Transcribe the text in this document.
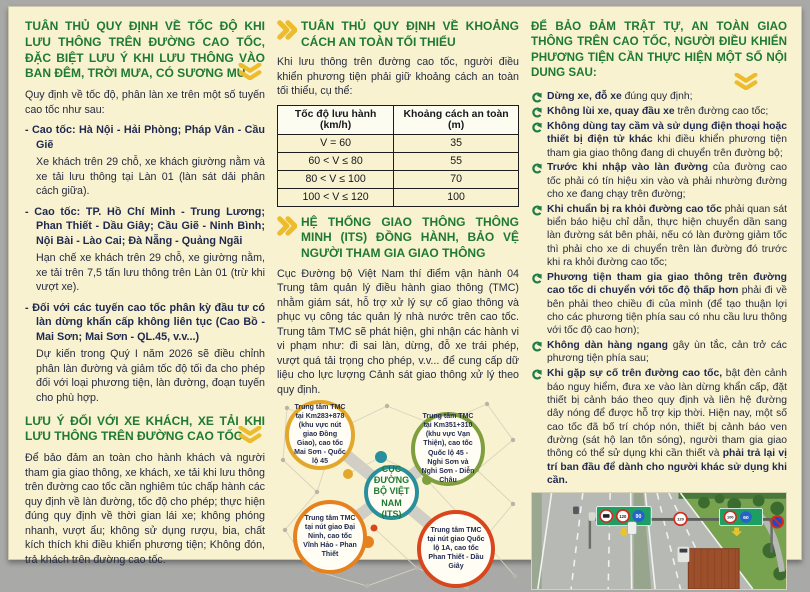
TUÂN THỦ QUY ĐỊNH VỀ TỐC ĐỘ KHI LƯU THÔNG TRÊN ĐƯỜNG CAO TỐC, ĐẶC BIỆT LƯU Ý KHI LƯU THÔNG VÀO BAN ĐÊM, TRỜI MƯA, CÓ SƯƠNG MÙ

Quy định về tốc độ, phân làn xe trên một số tuyến cao tốc như sau:

- Cao tốc: Hà Nội - Hải Phòng; Pháp Vân - Cầu Giẽ

Xe khách trên 29 chỗ, xe khách giường nằm và xe tải lưu thông tại Làn 01 (làn sát dải phân cách giữa).

- Cao tốc: TP. Hồ Chí Minh - Trung Lương; Phan Thiết - Dầu Giây; Cầu Giẽ - Ninh Bình; Nội Bài - Lào Cai; Đà Nẵng - Quảng Ngãi

Hạn chế xe khách trên 29 chỗ, xe giường nằm, xe tải trên 7,5 tấn lưu thông trên Làn 01 (trừ khi vượt xe).

- Đối với các tuyến cao tốc phân kỳ đầu tư có làn dừng khẩn cấp không liên tục (Cao Bồ - Mai Sơn; Mai Sơn - QL.45, v.v...)

Dự kiến trong Quý I năm 2026 sẽ điều chỉnh phân làn đường và giảm tốc độ tối đa cho phép đối với loại phương tiện, làn đường, đoạn tuyến cho phù hợp.

LƯU Ý ĐỐI VỚI XE KHÁCH, XE TẢI KHI LƯU THÔNG TRÊN ĐƯỜNG CAO TỐC

Để bảo đảm an toàn cho hành khách và người tham gia giao thông, xe khách, xe tải khi lưu thông trên đường cao tốc cần nghiêm túc chấp hành các quy định về làn đường, tốc độ cho phép; thực hiện đúng quy định về thời gian lái xe; không phóng nhanh, vượt ẩu; không sử dụng rượu, bia, chất kích thích khi điều khiển phương tiện; Không đón, trả khách trên đường cao tốc.

TUÂN THỦ QUY ĐỊNH VỀ KHOẢNG CÁCH AN TOÀN TỐI THIỂU

Khi lưu thông trên đường cao tốc, người điều khiển phương tiện phải giữ khoảng cách an toàn tối thiểu, cụ thể:

Tốc độ lưu hành (km/h)	Khoảng cách an toàn (m)
V = 60	35
60 < V ≤ 80	55
80 < V ≤ 100	70
100 < V ≤ 120	100
HỆ THỐNG GIAO THÔNG THÔNG MINH (ITS) ĐỒNG HÀNH, BẢO VỆ NGƯỜI THAM GIA GIAO THÔNG

Cục Đường bộ Việt Nam thí điểm vận hành 04 Trung tâm quản lý điều hành giao thông (TMC) nhằm giám sát, hỗ trợ xử lý sự cố giao thông và phục vụ công tác quản lý nhà nước trên cao tốc. Trung tâm TMC sẽ phát hiện, ghi nhận các hành vi vi phạm như: đi sai làn, dừng, đỗ xe trái phép, vượt quá tải trọng cho phép, v.v... để cung cấp dữ liệu cho lực lượng Cảnh sát giao thông xử lý theo quy định.

Trung tâm TMC tại Km283+878 (khu vực nút giao Đồng Giao), cao tốc Mai Sơn - Quốc lộ 45
Trung tâm TMC tại Km351+310 (khu vực Vạn Thiện), cao tốc Quốc lộ 45 - Nghi Sơn và Nghi Sơn - Diễn Châu
CỤC ĐƯỜNG BỘ VIỆT NAM (ITS)
Trung tâm TMC tại nút giao Đại Ninh, cao tốc Vĩnh Hảo - Phan Thiết
Trung tâm TMC tại nút giao Quốc lộ 1A, cao tốc Phan Thiết - Dầu Giây
ĐỂ BẢO ĐẢM TRẬT TỰ, AN TOÀN GIAO THÔNG TRÊN CAO TỐC, NGƯỜI ĐIỀU KHIỂN PHƯƠNG TIỆN CẦN THỰC HIỆN MỘT SỐ NỘI DUNG SAU:
Dừng xe, đỗ xe đúng quy định;
Không lùi xe, quay đầu xe trên đường cao tốc;
Không dùng tay cầm và sử dụng điện thoại hoặc thiết bị điện tử khác khi điều khiển phương tiện tham gia giao thông đang di chuyển trên đường bộ;
Trước khi nhập vào làn đường của đường cao tốc phải có tín hiệu xin vào và phải nhường đường cho xe đang chạy trên đường;
Khi chuẩn bị ra khỏi đường cao tốc phải quan sát biển báo hiệu chỉ dẫn, thực hiện chuyển dần sang làn đường sát bên phải, nếu có làn đường giảm tốc thì phải cho xe di chuyển trên làn đường đó trước khi ra khỏi đường cao tốc;
Phương tiện tham gia giao thông trên đường cao tốc di chuyển với tốc độ thấp hơn phải đi về bên phải theo chiều đi của mình (để tạo thuận lợi cho các phương tiện phía sau có nhu cầu lưu thông với tốc độ cao hơn);
Không dàn hàng ngang gây ùn tắc, cản trở các phương tiện phía sau;
Khi gặp sự cố trên đường cao tốc, bật đèn cảnh báo nguy hiểm, đưa xe vào làn dừng khẩn cấp, đặt thiết bị cảnh báo theo quy định và liên hệ đường dây nóng để được hỗ trợ kịp thời. Hiện nay, một số cao tốc đã bố trí chóp nón, thiết bị cảnh báo ven đường (sát hộ lan tôn sóng), người tham gia giao thông có thể sử dụng khi cần thiết và phải trả lại vị trí ban đầu để dành cho người khác sử dụng khi cần.
120 90	120	100 60
